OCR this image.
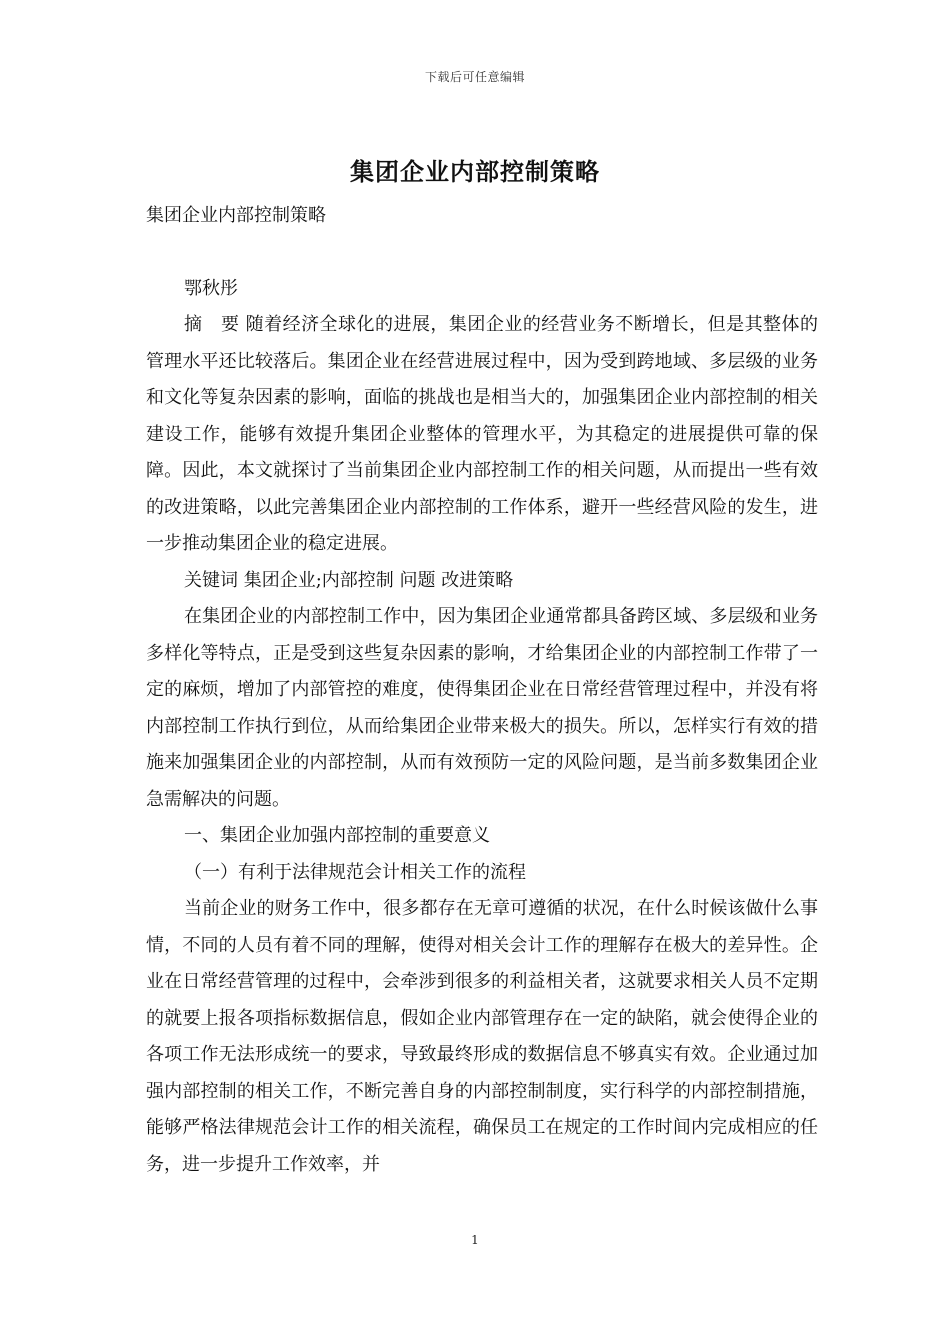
下载后可任意编辑
集团企业内部控制策略

集团企业内部控制策略

鄂秋彤

摘　要 随着经济全球化的进展，集团企业的经营业务不断增长，但是其整体的管理水平还比较落后。集团企业在经营进展过程中，因为受到跨地域、多层级的业务和文化等复杂因素的影响，面临的挑战也是相当大的，加强集团企业内部控制的相关建设工作，能够有效提升集团企业整体的管理水平，为其稳定的进展提供可靠的保障。因此，本文就探讨了当前集团企业内部控制工作的相关问题，从而提出一些有效的改进策略，以此完善集团企业内部控制的工作体系，避开一些经营风险的发生，进一步推动集团企业的稳定进展。

关键词 集团企业;内部控制 问题 改进策略

在集团企业的内部控制工作中，因为集团企业通常都具备跨区域、多层级和业务多样化等特点，正是受到这些复杂因素的影响，才给集团企业的内部控制工作带了一定的麻烦，增加了内部管控的难度，使得集团企业在日常经营管理过程中，并没有将内部控制工作执行到位，从而给集团企业带来极大的损失。所以，怎样实行有效的措施来加强集团企业的内部控制，从而有效预防一定的风险问题，是当前多数集团企业急需解决的问题。

一、集团企业加强内部控制的重要意义

（一）有利于法律规范会计相关工作的流程

当前企业的财务工作中，很多都存在无章可遵循的状况，在什么时候该做什么事情，不同的人员有着不同的理解，使得对相关会计工作的理解存在极大的差异性。企业在日常经营管理的过程中，会牵涉到很多的利益相关者，这就要求相关人员不定期的就要上报各项指标数据信息，假如企业内部管理存在一定的缺陷，就会使得企业的各项工作无法形成统一的要求，导致最终形成的数据信息不够真实有效。企业通过加强内部控制的相关工作，不断完善自身的内部控制制度，实行科学的内部控制措施，能够严格法律规范会计工作的相关流程，确保员工在规定的工作时间内完成相应的任务，进一步提升工作效率，并

1
